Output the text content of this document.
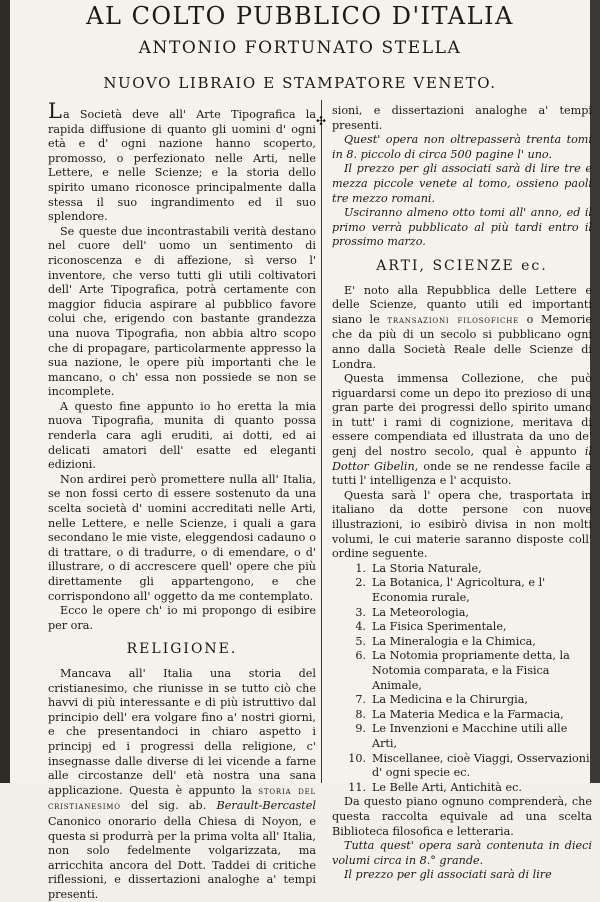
AL COLTO PUBBLICO D'ITALIA
ANTONIO FORTUNATO STELLA
NUOVO LIBRAIO E STAMPATORE VENETO.
✣

La Società deve all' Arte Tipografica la rapida diffusione di quanto gli uomini d' ogni età e d' ogni nazione hanno scoperto, promosso, o perfezionato nelle Arti, nelle Lettere, e nelle Scienze; e la storia dello spirito umano riconosce principalmente dalla stessa il suo ingrandimento ed il suo splendore.

Se queste due incontrastabili verità destano nel cuore dell' uomo un sentimento di riconoscenza e di affezione, sì verso l' inventore, che verso tutti gli utili coltivatori dell' Arte Tipografica, potrà certamente con maggior fiducia aspirare al pubblico favore colui che, erigendo con bastante grandezza una nuova Tipografia, non abbia altro scopo che di propagare, particolarmente appresso la sua nazione, le opere più importanti che le mancano, o ch' essa non possiede se non se incomplete.

A questo fine appunto io ho eretta la mia nuova Tipografia, munita di quanto possa renderla cara agli eruditi, ai dotti, ed ai delicati amatori dell' esatte ed eleganti edizioni.

Non ardirei però promettere nulla all' Italia, se non fossi certo di essere sostenuto da una scelta società d' uomini accreditati nelle Arti, nelle Lettere, e nelle Scienze, i quali a gara secondano le mie viste, eleggendosi cadauno o di trattare, o di tradurre, o di emendare, o d' illustrare, o di accrescere quell' opere che più direttamente gli appartengono, e che corrispondono all' oggetto da me contemplato.

Ecco le opere ch' io mi propongo di esibire per ora.

RELIGIONE.

Mancava all' Italia una storia del cristianesimo, che riunisse in se tutto ciò che havvi di più interessante e di più istruttivo dal principio dell' era volgare fino a' nostri giorni, e che presentandoci in chiaro aspetto i principj ed i progressi della religione, c' insegnasse dalle diverse di lei vicende a farne alle circostanze dell' età nostra una sana applicazione. Questa è appunto la storia del cristianesimo del sig. ab. Berault-Bercastel Canonico onorario della Chiesa di Noyon, e questa si produrrà per la prima volta all' Italia, non solo fedelmente volgarizzata, ma arricchita ancora del Dott. Taddei di critiche riflessioni, e dissertazioni analoghe a' tempi presenti.

sioni, e dissertazioni analoghe a' tempi presenti.

Quest' opera non oltrepasserà trenta tomi in 8. piccolo di circa 500 pagine l' uno.

Il prezzo per gli associati sarà di lire tre e mezza piccole venete al tomo, ossieno paoli tre mezzo romani.

Usciranno almeno otto tomi all' anno, ed il primo verrà pubblicato al più tardi entro il prossimo marzo.

ARTI, SCIENZE ec.

E' noto alla Repubblica delle Lettere e delle Scienze, quanto utili ed importanti siano le transazioni filosofiche o Memorie che da più di un secolo si pubblicano ogni anno dalla Società Reale delle Scienze di Londra.

Questa immensa Collezione, che può riguardarsi come un depo ito prezioso di una gran parte dei progressi dello spirito umano in tutt' i rami di cognizione, meritava di essere compendiata ed illustrata da uno de' genj del nostro secolo, qual è appunto il Dottor Gibelin, onde se ne rendesse facile a tutti l' intelligenza e l' acquisto.

Questa sarà l' opera che, trasportata in italiano da dotte persone con nuove illustrazioni, io esibirò divisa in non molti volumi, le cui materie saranno disposte coll' ordine seguente.

1. La Storia Naturale,
2. La Botanica, l' Agricoltura, e l' Economia rurale,
3. La Meteorologia,
4. La Fisica Sperimentale,
5. La Mineralogia e la Chimica,
6. La Notomia propriamente detta, la Notomia comparata, e la Fisica Animale,
7. La Medicina e la Chirurgia,
8. La Materia Medica e la Farmacia,
9. Le Invenzioni e Macchine utili alle Arti,
10. Miscellanee, cioè Viaggi, Osservazioni d' ogni specie ec.
11. Le Belle Arti, Antichità ec.

Da questo piano ognuno comprenderà, che questa raccolta equivale ad una scelta Biblioteca filosofica e letteraria.

Tutta quest' opera sarà contenuta in dieci volumi circa in 8.° grande.

Il prezzo per gli associati sarà di lire
